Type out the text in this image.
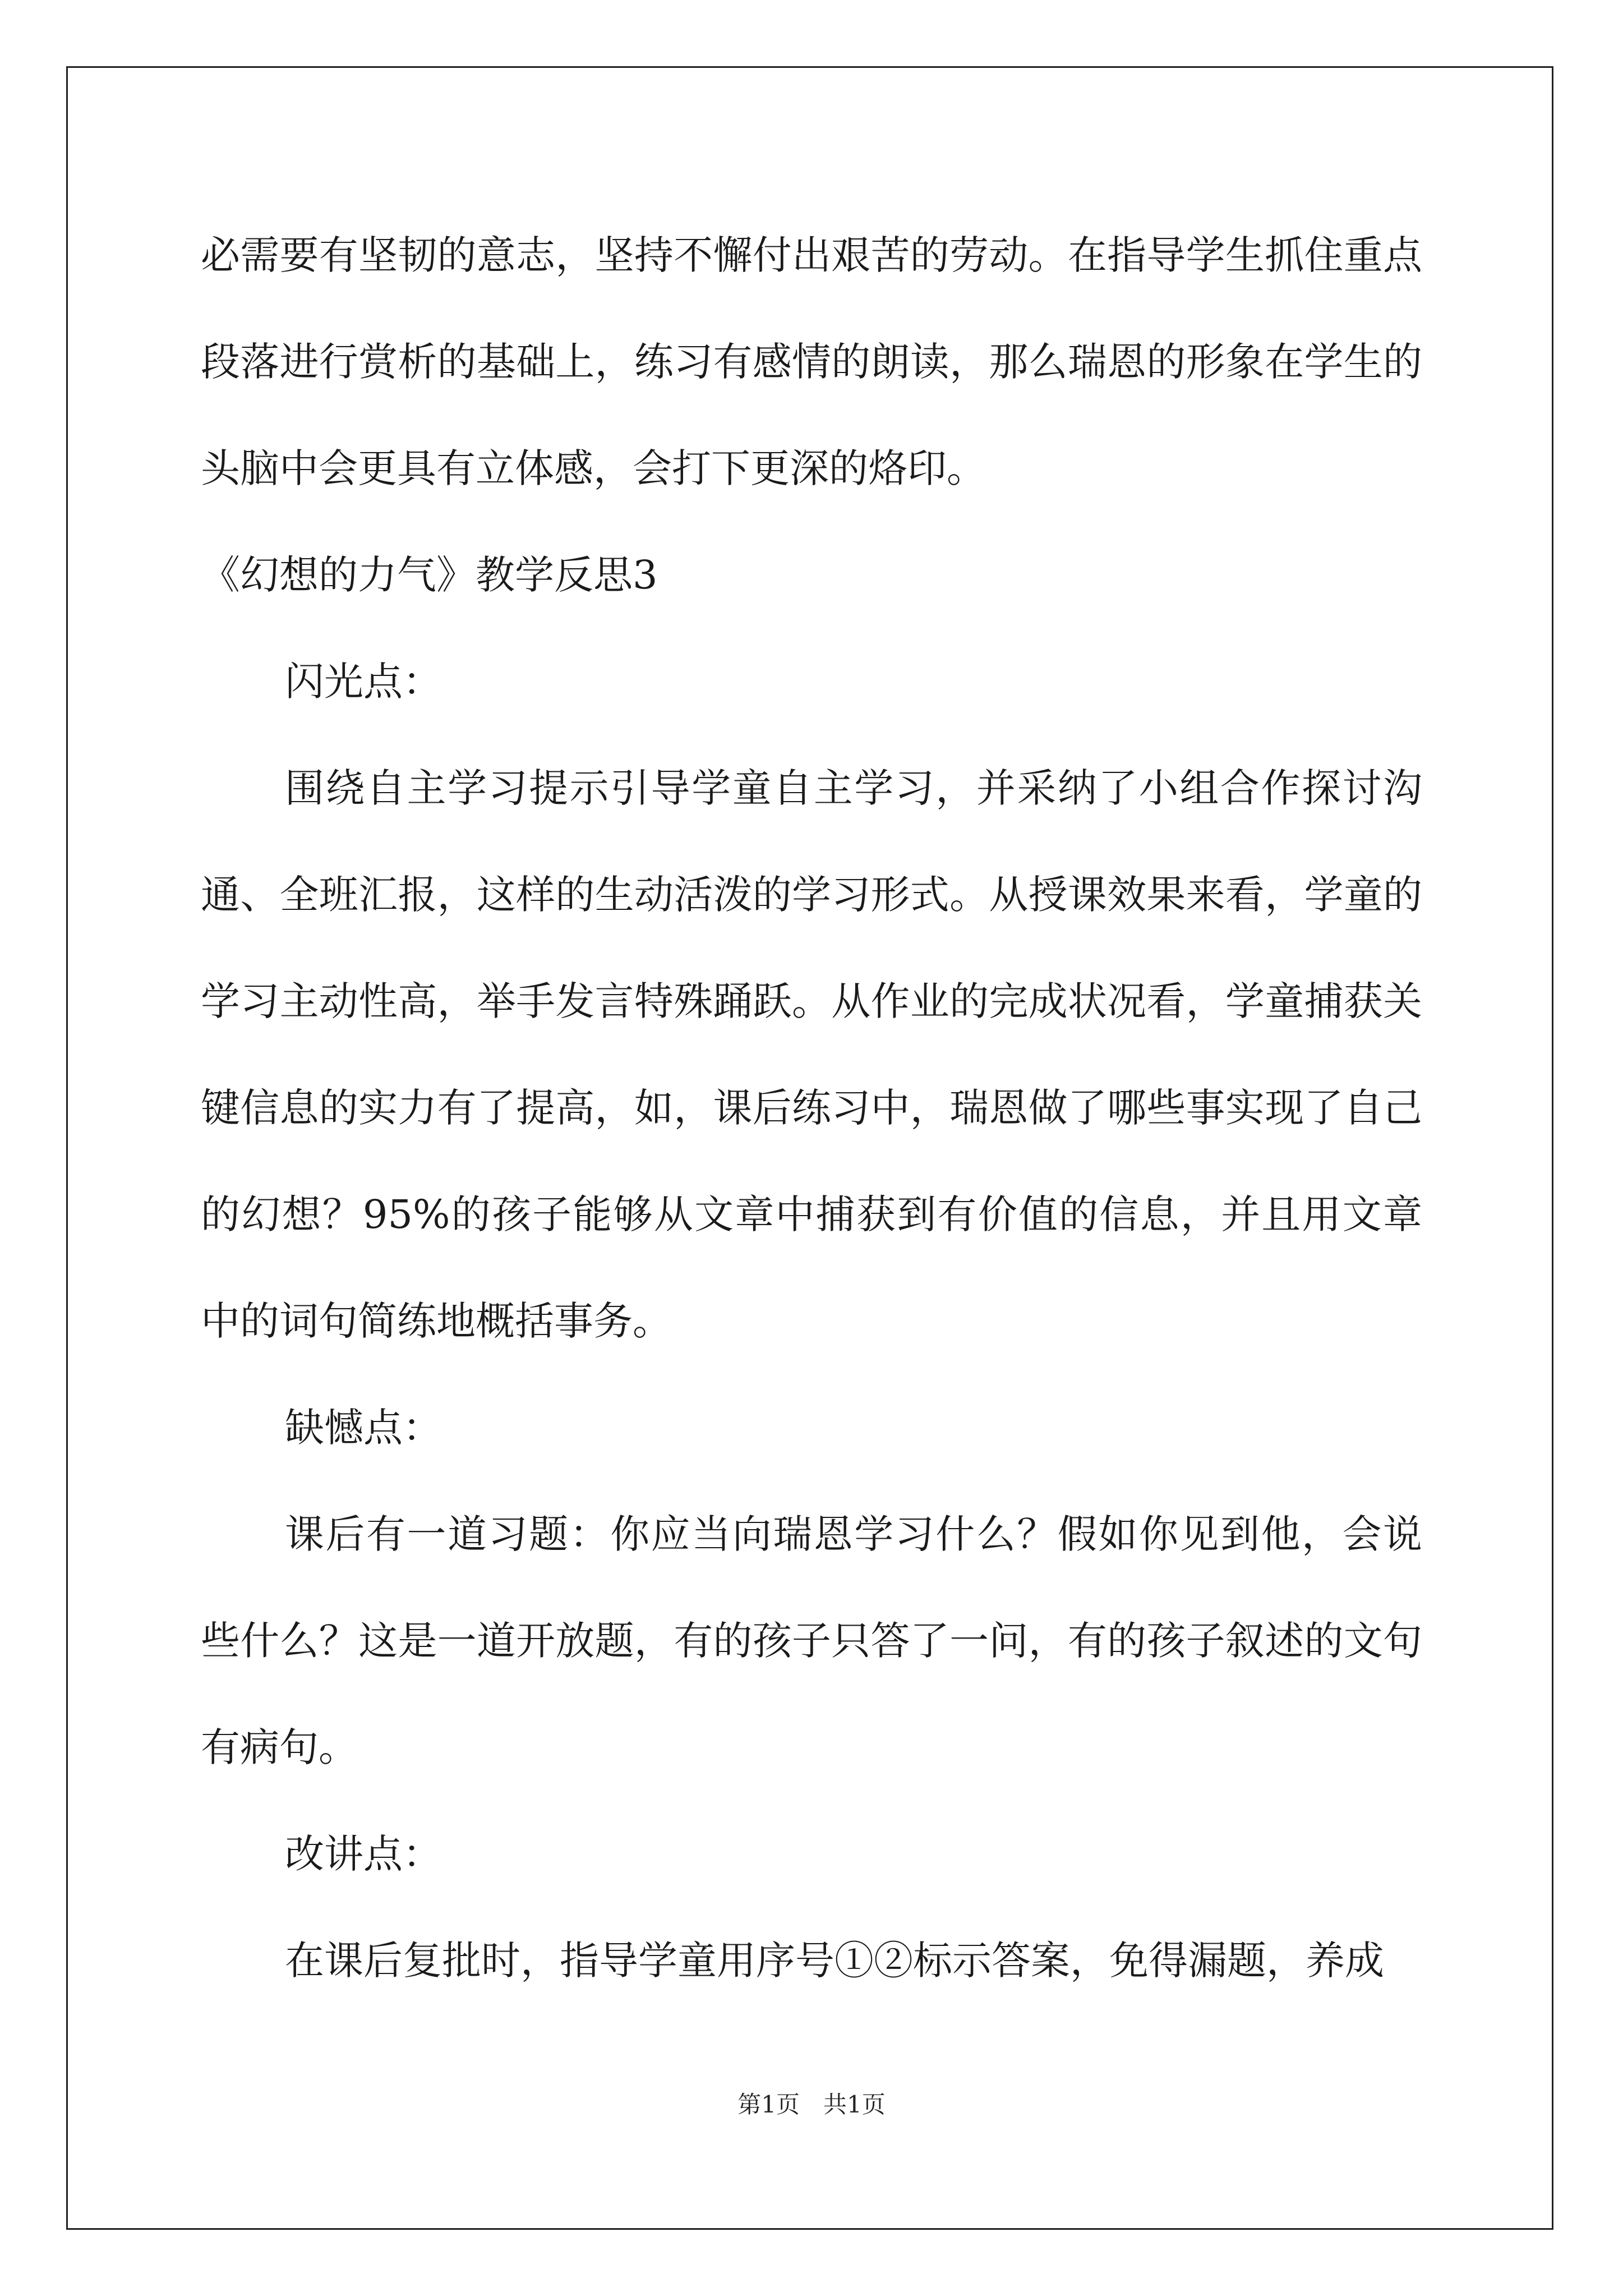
必需要有坚韧的意志，坚持不懈付出艰苦的劳动。在指导学生抓住重点段落进行赏析的基础上，练习有感情的朗读，那么瑞恩的形象在学生的头脑中会更具有立体感，会打下更深的烙印。

《幻想的力气》教学反思3

闪光点：

围绕自主学习提示引导学童自主学习，并采纳了小组合作探讨沟通、全班汇报，这样的生动活泼的学习形式。从授课效果来看，学童的学习主动性高，举手发言特殊踊跃。从作业的完成状况看，学童捕获关键信息的实力有了提高，如，课后练习中，瑞恩做了哪些事实现了自己的幻想？95%的孩子能够从文章中捕获到有价值的信息，并且用文章中的词句简练地概括事务。

缺憾点：

课后有一道习题：你应当向瑞恩学习什么？假如你见到他，会说些什么？这是一道开放题，有的孩子只答了一问，有的孩子叙述的文句有病句。

改讲点：

在课后复批时，指导学童用序号①②标示答案，免得漏题，养成

第1页　共1页
